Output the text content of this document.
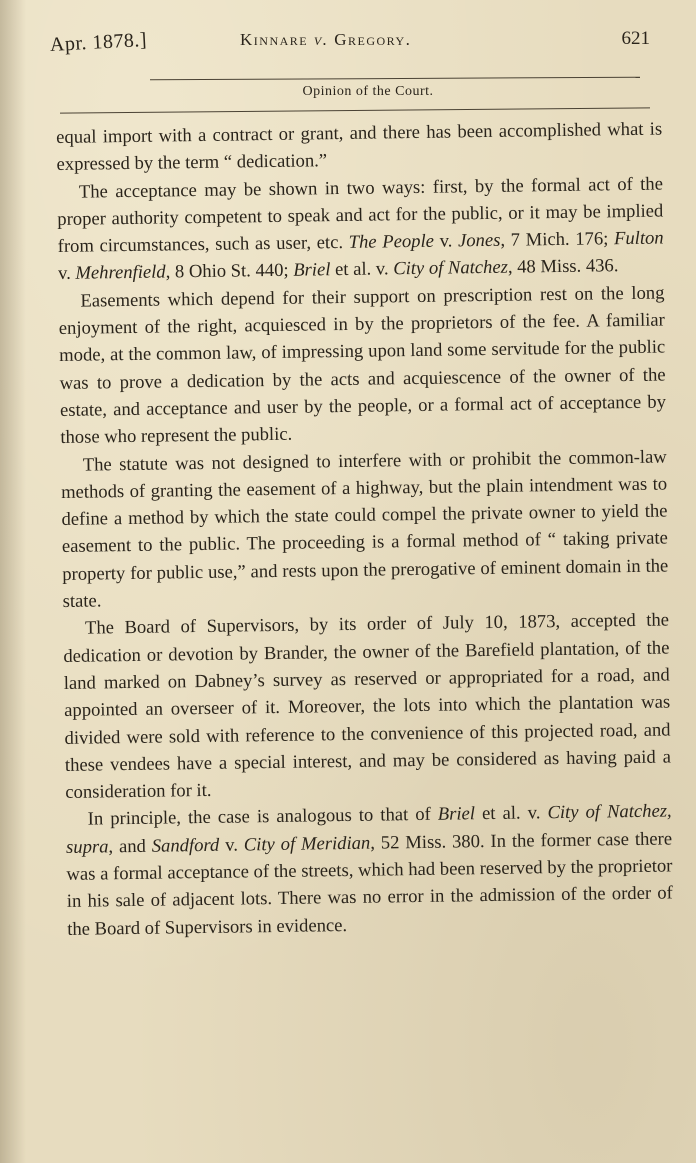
Apr. 1878.]	Kinnare v. Gregory.	621
Opinion of the Court.

equal import with a contract or grant, and there has been accomplished what is expressed by the term “ dedication.”

The acceptance may be shown in two ways: first, by the formal act of the proper authority competent to speak and act for the public, or it may be implied from circumstances, such as user, etc. The People v. Jones, 7 Mich. 176; Fulton v. Mehrenfield, 8 Ohio St. 440; Briel et al. v. City of Natchez, 48 Miss. 436.

Easements which depend for their support on prescription rest on the long enjoyment of the right, acquiesced in by the proprietors of the fee. A familiar mode, at the common law, of impressing upon land some servitude for the public was to prove a dedication by the acts and acquiescence of the owner of the estate, and acceptance and user by the people, or a formal act of acceptance by those who represent the public.

The statute was not designed to interfere with or prohibit the common-law methods of granting the easement of a highway, but the plain intendment was to define a method by which the state could compel the private owner to yield the easement to the public. The proceeding is a formal method of “ taking private property for public use,” and rests upon the prerogative of eminent domain in the state.

The Board of Supervisors, by its order of July 10, 1873, accepted the dedication or devotion by Brander, the owner of the Barefield plantation, of the land marked on Dabney’s survey as reserved or appropriated for a road, and appointed an overseer of it. Moreover, the lots into which the plantation was divided were sold with reference to the convenience of this projected road, and these vendees have a special interest, and may be considered as having paid a consideration for it.

In principle, the case is analogous to that of Briel et al. v. City of Natchez, supra, and Sandford v. City of Meridian, 52 Miss. 380. In the former case there was a formal acceptance of the streets, which had been reserved by the proprietor in his sale of adjacent lots. There was no error in the admission of the order of the Board of Supervisors in evidence.
